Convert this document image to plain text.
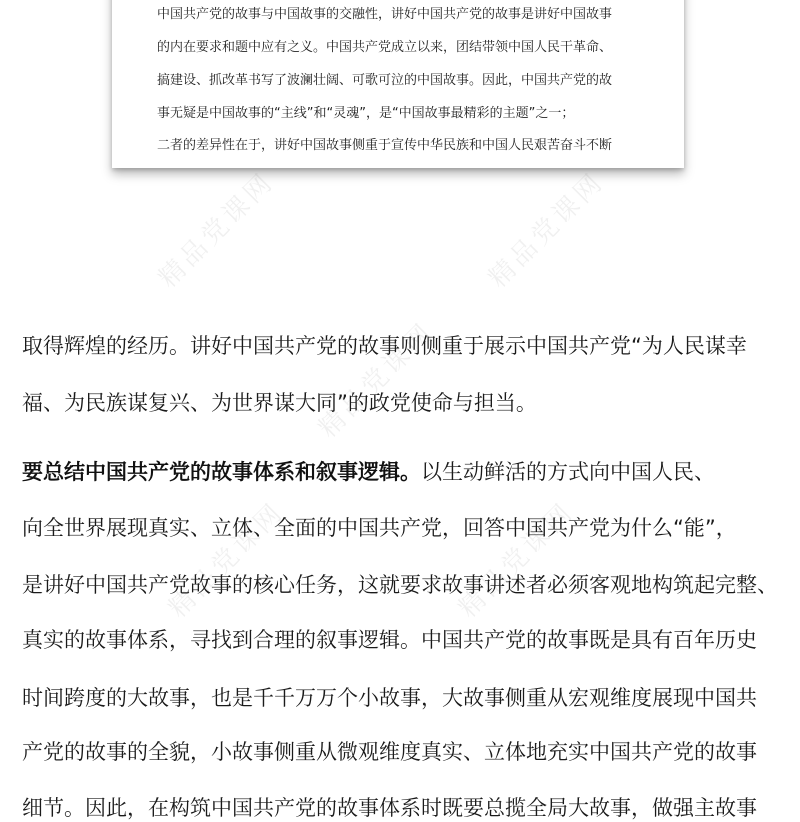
中国共产党的故事与中国故事的交融性，讲好中国共产党的故事是讲好中国故事
的内在要求和题中应有之义。中国共产党成立以来，团结带领中国人民干革命、
搞建设、抓改革书写了波澜壮阔、可歌可泣的中国故事。因此，中国共产党的故
事无疑是中国故事的“主线”和“灵魂”，是“中国故事最精彩的主题”之一；
二者的差异性在于，讲好中国故事侧重于宣传中华民族和中国人民艰苦奋斗不断
精品党课网	精品党课网
精品党课网
精品党课网	精品党课网
取得辉煌的经历。讲好中国共产党的故事则侧重于展示中国共产党“为人民谋幸
福、为民族谋复兴、为世界谋大同”的政党使命与担当。
要总结中国共产党的故事体系和叙事逻辑。以生动鲜活的方式向中国人民、
向全世界展现真实、立体、全面的中国共产党，回答中国共产党为什么“能”，
是讲好中国共产党故事的核心任务，这就要求故事讲述者必须客观地构筑起完整、
真实的故事体系，寻找到合理的叙事逻辑。中国共产党的故事既是具有百年历史
时间跨度的大故事，也是千千万万个小故事，大故事侧重从宏观维度展现中国共
产党的故事的全貌，小故事侧重从微观维度真实、立体地充实中国共产党的故事
细节。因此，在构筑中国共产党的故事体系时既要总揽全局大故事，做强主故事
